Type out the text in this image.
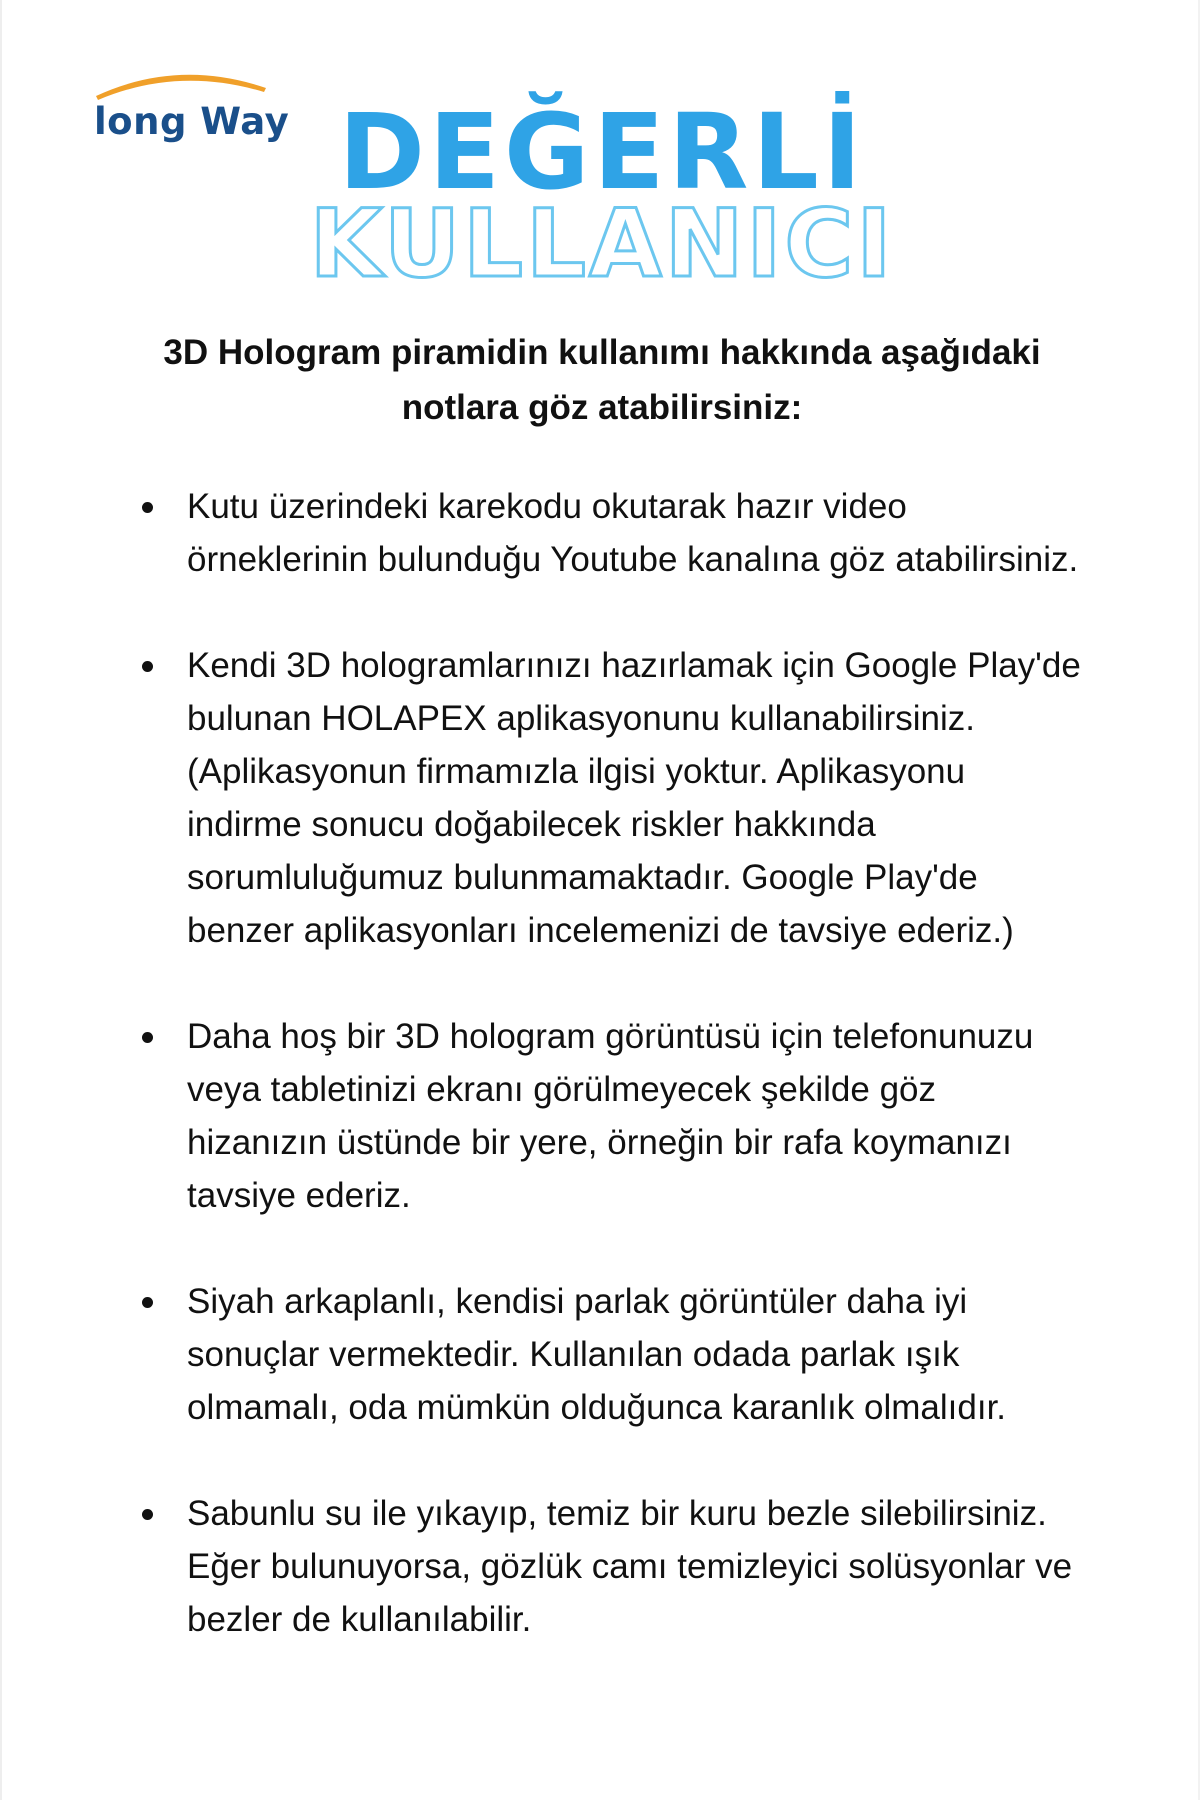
long Way DEĞERLİ
KULLANICI
3D Hologram piramidin kullanımı hakkında aşağıdaki notlara göz atabilirsiniz:
Kutu üzerindeki karekodu okutarak hazır video örneklerinin bulunduğu Youtube kanalına göz atabilirsiniz.
Kendi 3D hologramlarınızı hazırlamak için Google Play'de bulunan HOLAPEX aplikasyonunu kullanabilirsiniz. (Aplikasyonun firmamızla ilgisi yoktur. Aplikasyonu indirme sonucu doğabilecek riskler hakkında sorumluluğumuz bulunmamaktadır. Google Play'de benzer aplikasyonları incelemenizi de tavsiye ederiz.)
Daha hoş bir 3D hologram görüntüsü için telefonunuzu veya tabletinizi ekranı görülmeyecek şekilde göz hizanızın üstünde bir yere, örneğin bir rafa koymanızı tavsiye ederiz.
Siyah arkaplanlı, kendisi parlak görüntüler daha iyi sonuçlar vermektedir. Kullanılan odada parlak ışık olmamalı, oda mümkün olduğunca karanlık olmalıdır.
Sabunlu su ile yıkayıp, temiz bir kuru bezle silebilirsiniz. Eğer bulunuyorsa, gözlük camı temizleyici solüsyonlar ve bezler de kullanılabilir.
